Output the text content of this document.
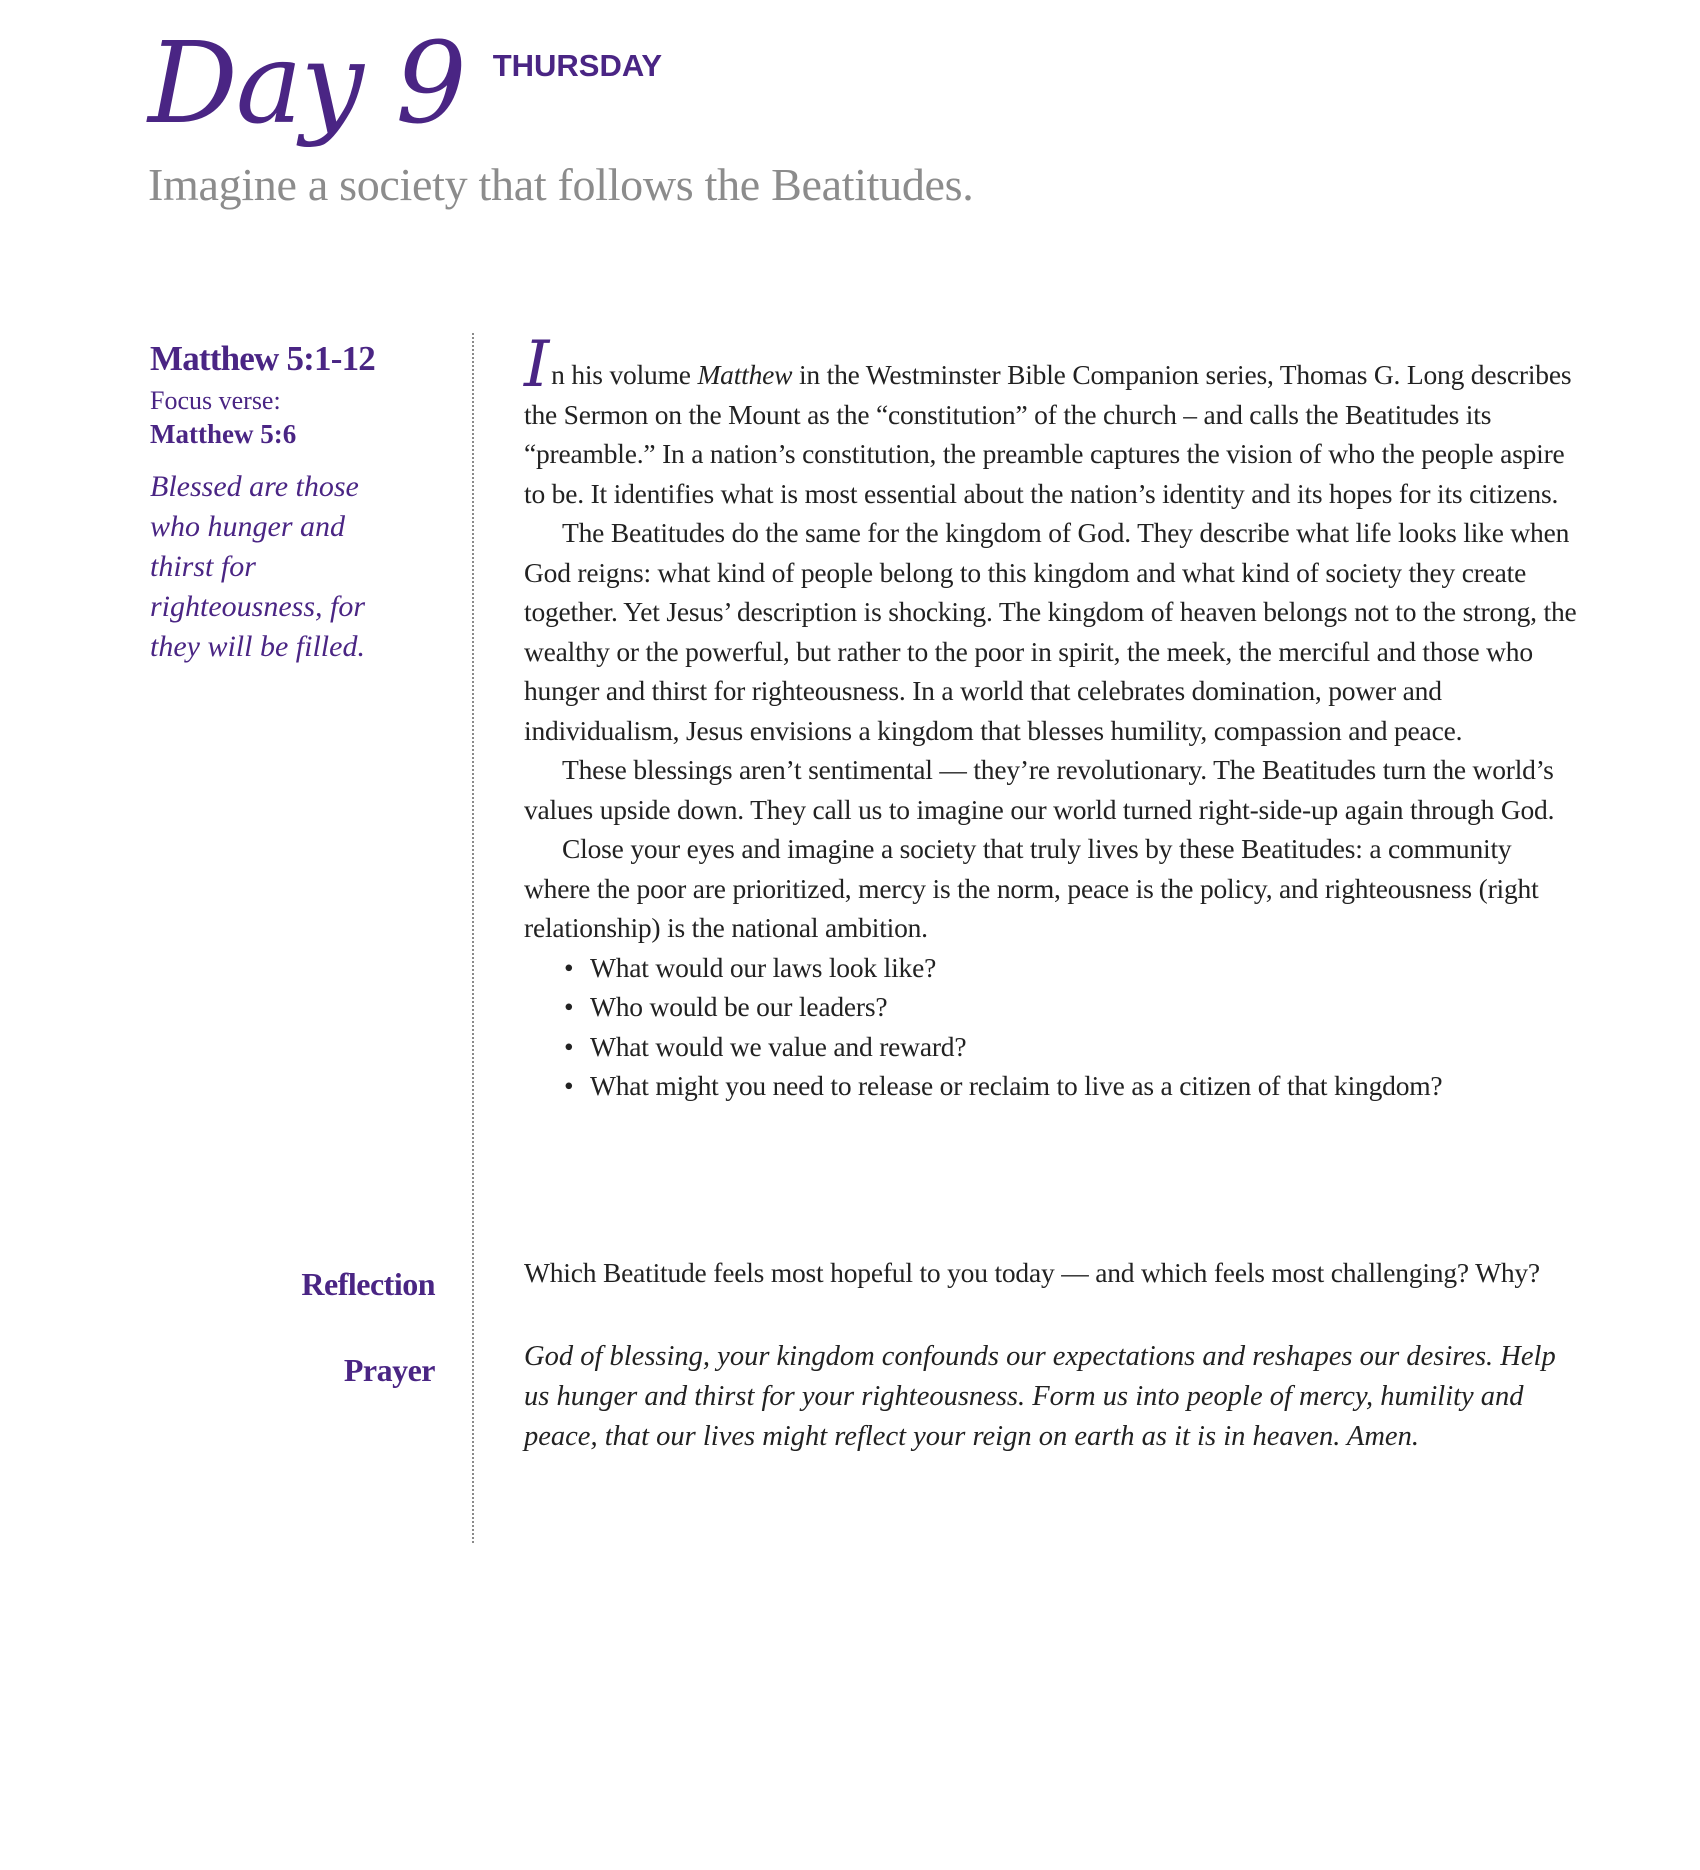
Day 9 THURSDAY
Imagine a society that follows the Beatitudes.
Matthew 5:1-12
Focus verse:
Matthew 5:6
Blessed are those who hunger and thirst for righteousness, for they will be filled.

In his volume Matthew in the Westminster Bible Companion series, Thomas G. Long describes the Sermon on the Mount as the “constitution” of the church – and calls the Beatitudes its “preamble.” In a nation’s constitution, the preamble captures the vision of who the people aspire to be. It identifies what is most essential about the nation’s identity and its hopes for its citizens.

The Beatitudes do the same for the kingdom of God. They describe what life looks like when God reigns: what kind of people belong to this kingdom and what kind of society they create together. Yet Jesus’ description is shocking. The kingdom of heaven belongs not to the strong, the wealthy or the powerful, but rather to the poor in spirit, the meek, the merciful and those who hunger and thirst for righteousness. In a world that celebrates domination, power and individualism, Jesus envisions a kingdom that blesses humility, compassion and peace.

These blessings aren’t sentimental — they’re revolutionary. The Beatitudes turn the world’s values upside down. They call us to imagine our world turned right-side-up again through God.

Close your eyes and imagine a society that truly lives by these Beatitudes: a community where the poor are prioritized, mercy is the norm, peace is the policy, and righteousness (right relationship) is the national ambition.

• What would our laws look like?
• Who would be our leaders?
• What would we value and reward?
• What might you need to release or reclaim to live as a citizen of that kingdom?
Reflection	Which Beatitude feels most hopeful to you today — and which feels most challenging? Why?
Prayer	God of blessing, your kingdom confounds our expectations and reshapes our desires. Help us hunger and thirst for your righteousness. Form us into people of mercy, humility and peace, that our lives might reflect your reign on earth as it is in heaven. Amen.
